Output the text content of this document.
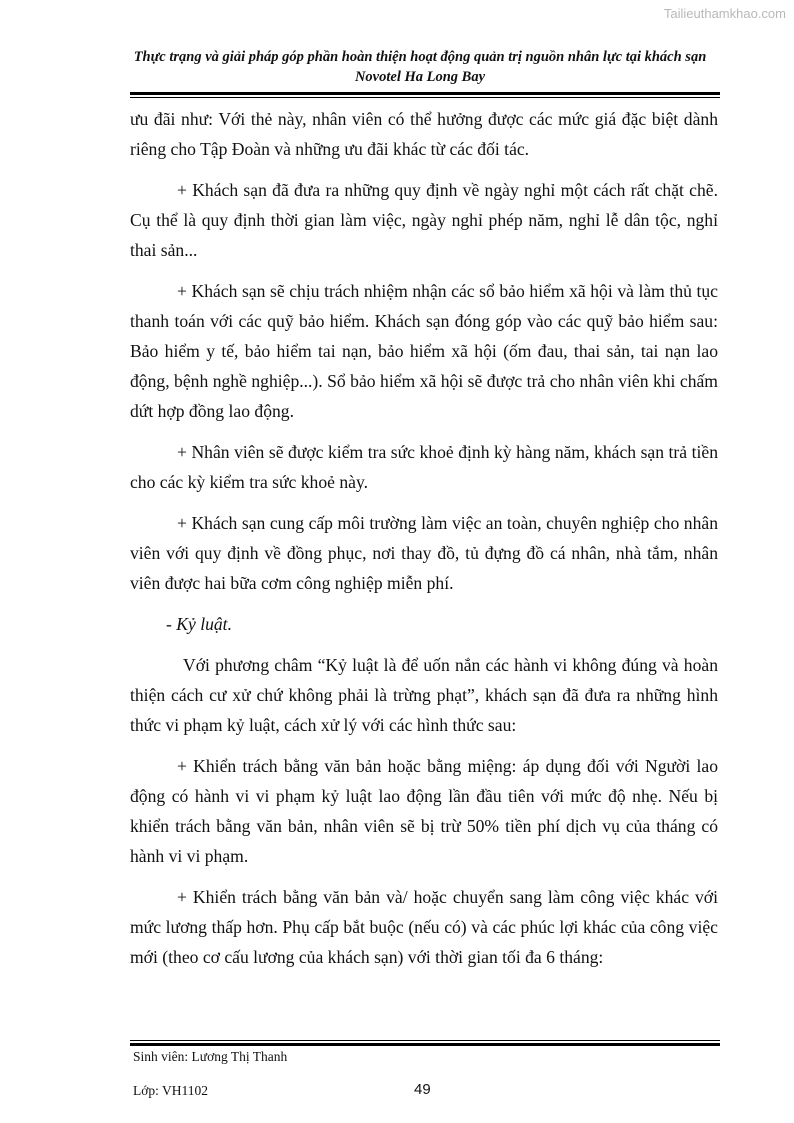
Tailieuthamkhao.com
Thực trạng và giải pháp góp phần hoàn thiện hoạt động quản trị nguồn nhân lực tại khách sạn
Novotel Ha Long Bay

ưu đãi như: Với thẻ này, nhân viên có thể hưởng được các mức giá đặc biệt dành riêng cho Tập Đoàn và những ưu đãi khác từ các đối tác.

+ Khách sạn đã đưa ra những quy định về ngày nghỉ một cách rất chặt chẽ. Cụ thể là quy định thời gian làm việc, ngày nghỉ phép năm, nghỉ lễ dân tộc, nghỉ thai sản...

+ Khách sạn sẽ chịu trách nhiệm nhận các sổ bảo hiểm xã hội và làm thủ tục thanh toán với các quỹ bảo hiểm. Khách sạn đóng góp vào các quỹ bảo hiểm sau: Bảo hiểm y tế, bảo hiểm tai nạn, bảo hiểm xã hội (ốm đau, thai sản, tai nạn lao động, bệnh nghề nghiệp...). Sổ bảo hiểm xã hội sẽ được trả cho nhân viên khi chấm dứt hợp đồng lao động.

+ Nhân viên sẽ được kiểm tra sức khoẻ định kỳ hàng năm, khách sạn trả tiền cho các kỳ kiểm tra sức khoẻ này.

+ Khách sạn cung cấp môi trường làm việc an toàn, chuyên nghiệp cho nhân viên với quy định về đồng phục, nơi thay đồ, tủ đựng đồ cá nhân, nhà tắm, nhân viên được hai bữa cơm công nghiệp miễn phí.

- Kỷ luật.

Với phương châm “Kỷ luật là để uốn nắn các hành vi không đúng và hoàn thiện cách cư xử chứ không phải là trừng phạt”, khách sạn đã đưa ra những hình thức vi phạm kỷ luật, cách xử lý với các hình thức sau:

+ Khiển trách bằng văn bản hoặc bằng miệng: áp dụng đối với Người lao động có hành vi vi phạm kỷ luật lao động lần đầu tiên với mức độ nhẹ. Nếu bị khiển trách bằng văn bản, nhân viên sẽ bị trừ 50% tiền phí dịch vụ của tháng có hành vi vi phạm.

+ Khiển trách bằng văn bản và/ hoặc chuyển sang làm công việc khác với mức lương thấp hơn. Phụ cấp bắt buộc (nếu có) và các phúc lợi khác của công việc mới (theo cơ cấu lương của khách sạn) với thời gian tối đa 6 tháng:

Sinh viên: Lương Thị Thanh
Lớp: VH1102	49
